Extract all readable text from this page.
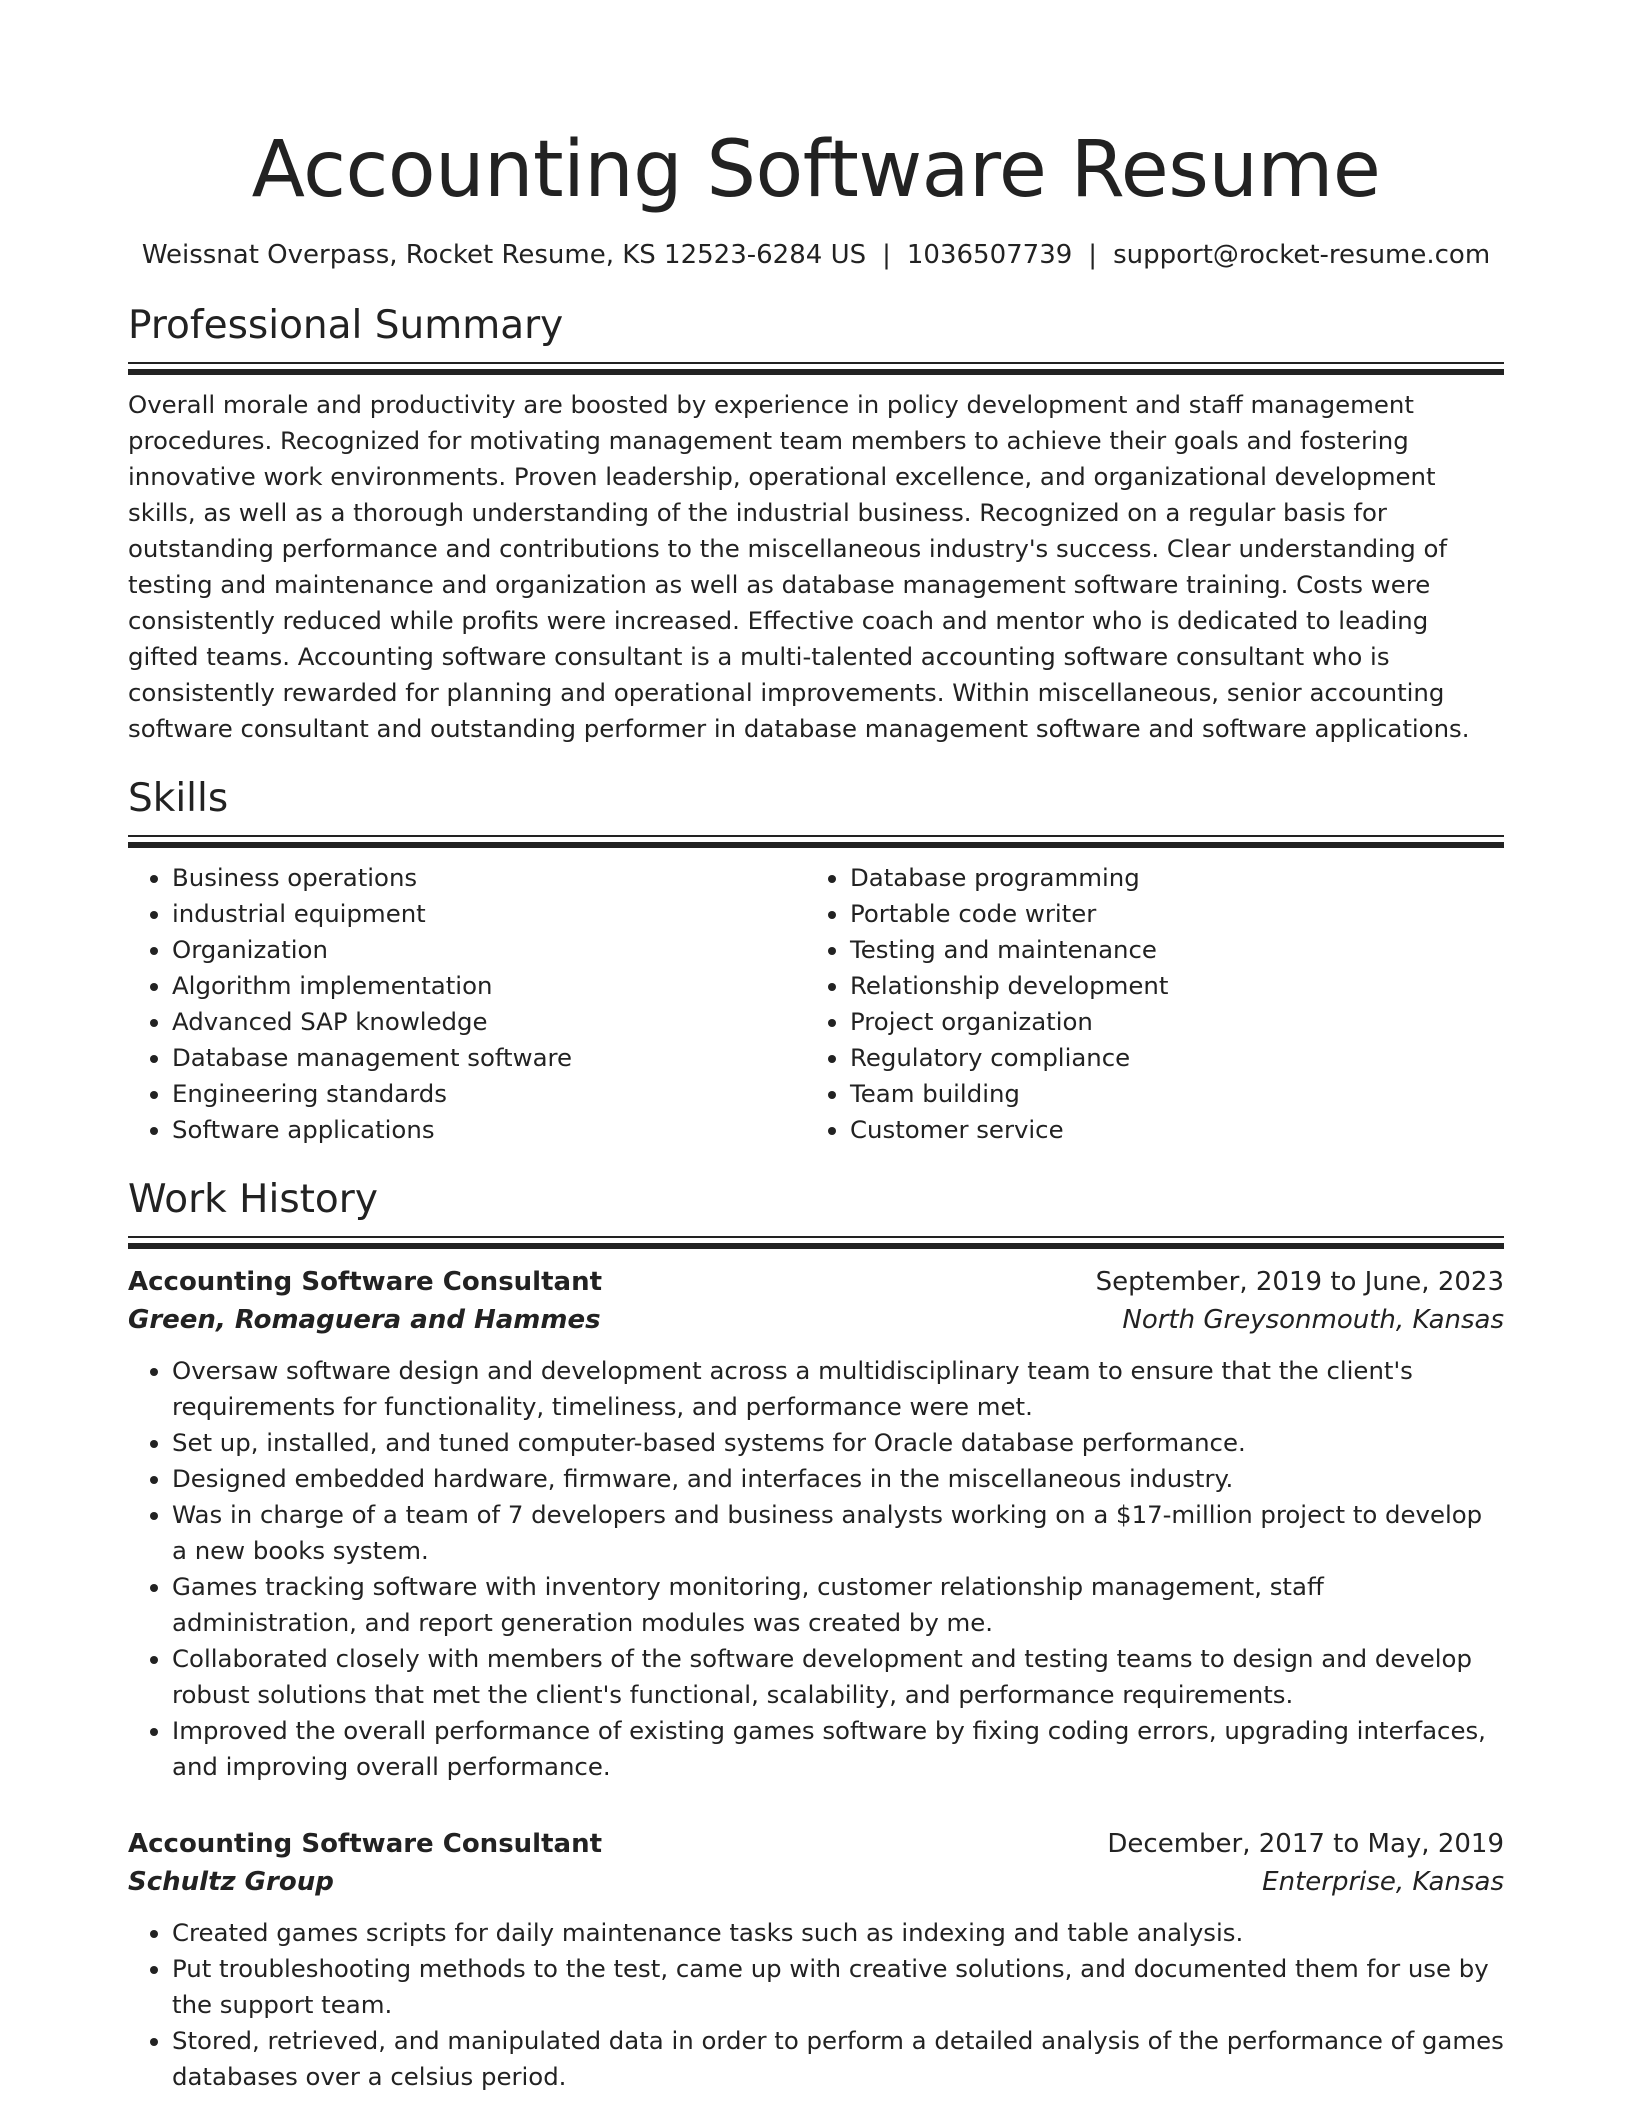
Accounting Software Resume
Weissnat Overpass, Rocket Resume, KS 12523-6284 US | 1036507739 | support@rocket-resume.com
Professional Summary

Overall morale and productivity are boosted by experience in policy development and staff management procedures. Recognized for motivating management team members to achieve their goals and fostering innovative work environments. Proven leadership, operational excellence, and organizational development skills, as well as a thorough understanding of the industrial business. Recognized on a regular basis for outstanding performance and contributions to the miscellaneous industry's success. Clear understanding of testing and maintenance and organization as well as database management software training. Costs were consistently reduced while profits were increased. Effective coach and mentor who is dedicated to leading gifted teams. Accounting software consultant is a multi-talented accounting software consultant who is consistently rewarded for planning and operational improvements. Within miscellaneous, senior accounting software consultant and outstanding performer in database management software and software applications.

Skills
• Business operations
• industrial equipment
• Organization
• Algorithm implementation
• Advanced SAP knowledge
• Database management software
• Engineering standards
• Software applications
• Database programming
• Portable code writer
• Testing and maintenance
• Relationship development
• Project organization
• Regulatory compliance
• Team building
• Customer service
Work History
Accounting Software Consultant	September, 2019 to June, 2023
Green, Romaguera and Hammes	North Greysonmouth, Kansas
• Oversaw software design and development across a multidisciplinary team to ensure that the client's requirements for functionality, timeliness, and performance were met.
• Set up, installed, and tuned computer-based systems for Oracle database performance.
• Designed embedded hardware, firmware, and interfaces in the miscellaneous industry.
• Was in charge of a team of 7 developers and business analysts working on a $17-million project to develop a new books system.
• Games tracking software with inventory monitoring, customer relationship management, staff administration, and report generation modules was created by me.
• Collaborated closely with members of the software development and testing teams to design and develop robust solutions that met the client's functional, scalability, and performance requirements.
• Improved the overall performance of existing games software by fixing coding errors, upgrading interfaces, and improving overall performance.
Accounting Software Consultant	December, 2017 to May, 2019
Schultz Group	Enterprise, Kansas
• Created games scripts for daily maintenance tasks such as indexing and table analysis.
• Put troubleshooting methods to the test, came up with creative solutions, and documented them for use by the support team.
• Stored, retrieved, and manipulated data in order to perform a detailed analysis of the performance of games databases over a celsius period.
